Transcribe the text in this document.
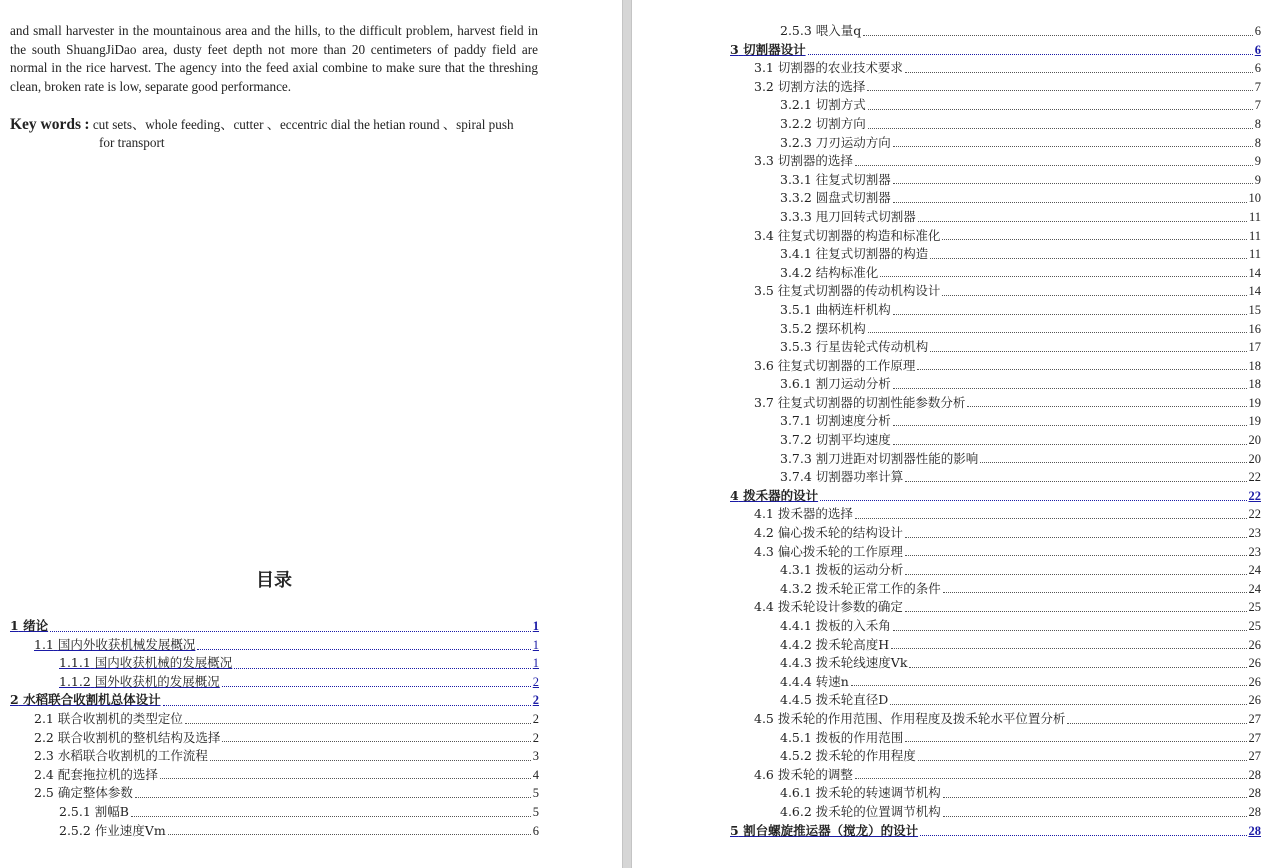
and small harvester in the mountainous area and the hills, to the difficult problem, harvest field in the south ShuangJiDao area, dusty feet depth not more than 20 centimeters of paddy field are normal in the rice harvest. The agency into the feed axial combine to make sure that the threshing clean, broken rate is low, separate good performance.

Key words : cut sets、whole feeding、cutter 、eccentric dial the hetian round 、spiral push
for transport
目录
1 绪论	1
1.1 国内外收获机械发展概况	1
1.1.1 国内收获机械的发展概况	1
1.1.2 国外收获机的发展概况	2
2 水稻联合收割机总体设计	2
2.1 联合收割机的类型定位	2
2.2 联合收割机的整机结构及选择	2
2.3 水稻联合收割机的工作流程	3
2.4 配套拖拉机的选择	4
2.5 确定整体参数	5
2.5.1 割幅B	5
2.5.2 作业速度Vm	6
2.5.3 喂入量q	6
3 切割器设计	6
3.1 切割器的农业技术要求	6
3.2 切割方法的选择	7
3.2.1 切割方式	7
3.2.2 切割方向	8
3.2.3 刀刃运动方向	8
3.3 切割器的选择	9
3.3.1 往复式切割器	9
3.3.2 圆盘式切割器	10
3.3.3 甩刀回转式切割器	11
3.4 往复式切割器的构造和标准化	11
3.4.1 往复式切割器的构造	11
3.4.2 结构标准化	14
3.5 往复式切割器的传动机构设计	14
3.5.1 曲柄连杆机构	15
3.5.2 摆环机构	16
3.5.3 行星齿轮式传动机构	17
3.6 往复式切割器的工作原理	18
3.6.1 割刀运动分析	18
3.7 往复式切割器的切割性能参数分析	19
3.7.1 切割速度分析	19
3.7.2 切割平均速度	20
3.7.3 割刀进距对切割器性能的影响	20
3.7.4 切割器功率计算	22
4 拨禾器的设计	22
4.1 拨禾器的选择	22
4.2 偏心拨禾轮的结构设计	23
4.3 偏心拨禾轮的工作原理	23
4.3.1 拨板的运动分析	24
4.3.2 拨禾轮正常工作的条件	24
4.4 拨禾轮设计参数的确定	25
4.4.1 拨板的入禾角	25
4.4.2 拨禾轮高度H	26
4.4.3 拨禾轮线速度Vk	26
4.4.4 转速n	26
4.4.5 拨禾轮直径D	26
4.5 拨禾轮的作用范围、作用程度及拨禾轮水平位置分析	27
4.5.1 拨板的作用范围	27
4.5.2 拨禾轮的作用程度	27
4.6 拨禾轮的调整	28
4.6.1 拨禾轮的转速调节机构	28
4.6.2 拨禾轮的位置调节机构	28
5 割台螺旋推运器（搅龙）的设计	28
